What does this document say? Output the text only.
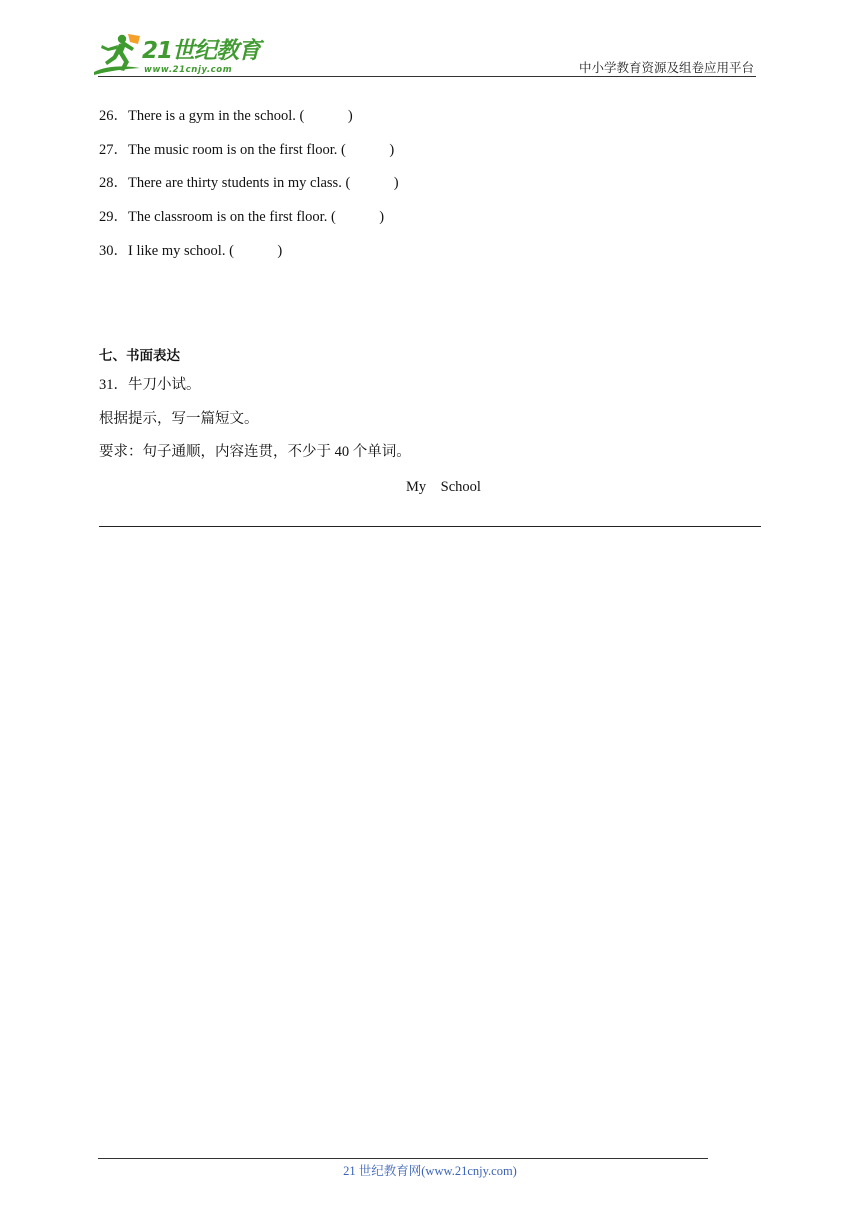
21世纪教育
www.21cnjy.com	中小学教育资源及组卷应用平台
26．There is a gym in the school. (            )
27．The music room is on the first floor. (            )
28．There are thirty students in my class. (            )
29．The classroom is on the first floor. (            )
30．I like my school. (            )
七、书面表达
31．牛刀小试。
根据提示，写一篇短文。
要求：句子通顺，内容连贯，不少于 40 个单词。
My    School
21 世纪教育网(www.21cnjy.com)
